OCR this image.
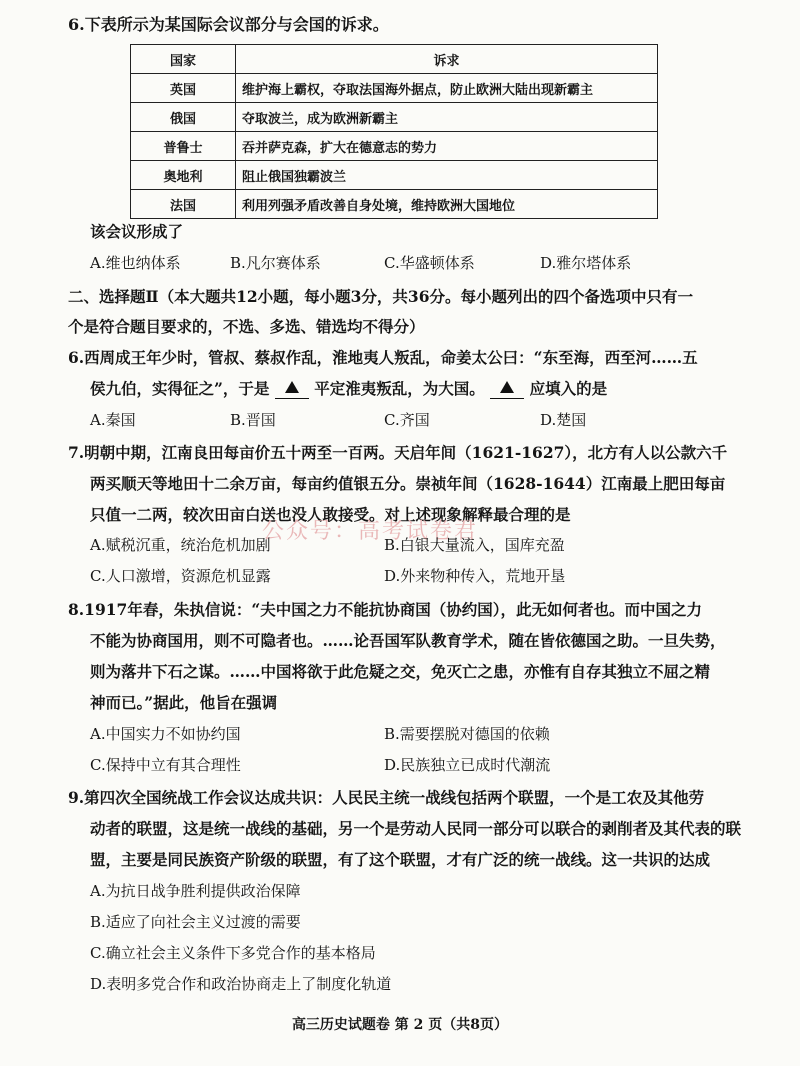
6.下表所示为某国际会议部分与会国的诉求。
国家	诉求
英国	维护海上霸权，夺取法国海外据点，防止欧洲大陆出现新霸主
俄国	夺取波兰，成为欧洲新霸主
普鲁士	吞并萨克森，扩大在德意志的势力
奥地利	阻止俄国独霸波兰
法国	利用列强矛盾改善自身处境，维持欧洲大国地位
该会议形成了
A.维也纳体系	B.凡尔赛体系	C.华盛顿体系	D.雅尔塔体系
二、选择题Ⅱ（本大题共12小题，每小题3分，共36分。每小题列出的四个备选项中只有一
个是符合题目要求的，不选、多选、错选均不得分）
6.西周成王年少时，管叔、蔡叔作乱，淮地夷人叛乱，命姜太公曰：“东至海，西至河……五
侯九伯，实得征之”，于是	平定淮夷叛乱，为大国。	应填入的是
A.秦国	B.晋国	C.齐国	D.楚国
7.明朝中期，江南良田每亩价五十两至一百两。天启年间（1621-1627），北方有人以公款六千
两买顺天等地田十二余万亩，每亩约值银五分。崇祯年间（1628-1644）江南最上肥田每亩
只值一二两，较次田亩白送也没人敢接受。对上述现象解释最合理的是
公众号：高考试卷君
A.赋税沉重，统治危机加剧	B.白银大量流入，国库充盈
C.人口激增，资源危机显露	D.外来物种传入，荒地开垦
8.1917年春，朱执信说：“夫中国之力不能抗协商国（协约国），此无如何者也。而中国之力
不能为协商国用，则不可隐者也。……论吾国军队教育学术，随在皆依德国之助。一旦失势，
则为落井下石之谋。……中国将欲于此危疑之交，免灭亡之患，亦惟有自存其独立不屈之精
神而已。”据此，他旨在强调
A.中国实力不如协约国	B.需要摆脱对德国的依赖
C.保持中立有其合理性	D.民族独立已成时代潮流
9.第四次全国统战工作会议达成共识：人民民主统一战线包括两个联盟，一个是工农及其他劳
动者的联盟，这是统一战线的基础，另一个是劳动人民同一部分可以联合的剥削者及其代表的联
盟，主要是同民族资产阶级的联盟，有了这个联盟，才有广泛的统一战线。这一共识的达成
A.为抗日战争胜利提供政治保障
B.适应了向社会主义过渡的需要
C.确立社会主义条件下多党合作的基本格局
D.表明多党合作和政治协商走上了制度化轨道
高三历史试题卷 第 2 页（共8页）
